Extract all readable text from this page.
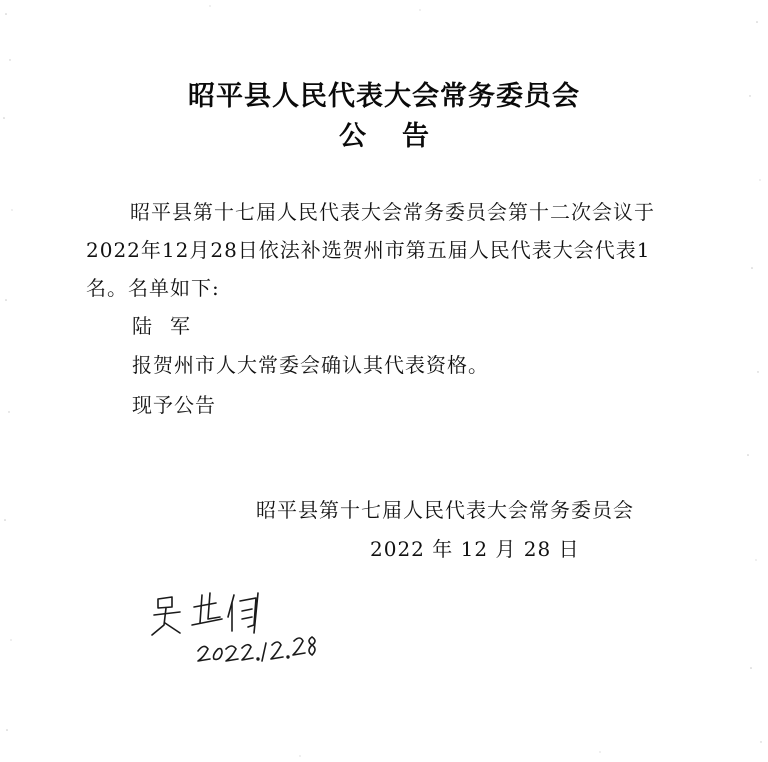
昭平县人民代表大会常务委员会
公告

昭平县第十七届人民代表大会常务委员会第十二次会议于2022年12月28日依法补选贺州市第五届人民代表大会代表1名。名单如下:

陆军

报贺州市人大常委会确认其代表资格。

现予公告

昭平县第十七届人民代表大会常务委员会

2022 年 12 月 28 日
